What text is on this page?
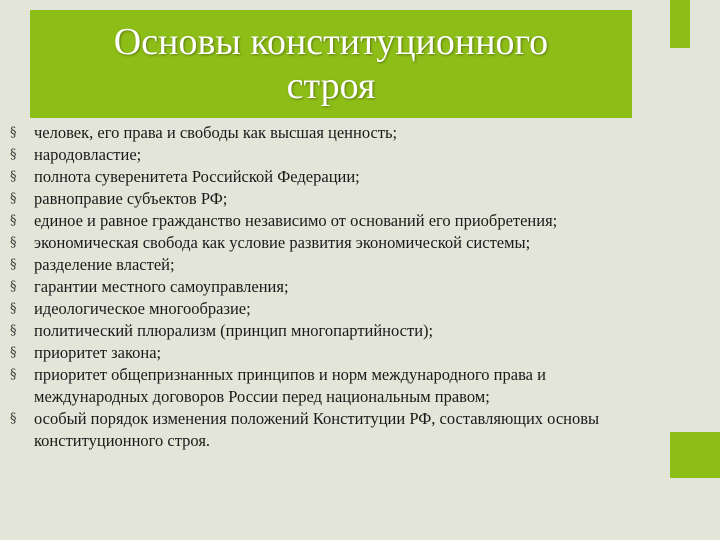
Основы конституционного
строя
§	человек, его права и свободы как высшая ценность;
§	народовластие;
§	полнота суверенитета Российской Федерации;
§	равноправие субъектов РФ;
§	единое и равное гражданство независимо от оснований его приобретения;
§	экономическая свобода как условие развития экономической системы;
§	разделение властей;
§	гарантии местного самоуправления;
§	идеологическое многообразие;
§	политический плюрализм (принцип многопартийности);
§	приоритет закона;
§	приоритет общепризнанных принципов и норм международного права и международных договоров России перед национальным правом;
§	особый порядок изменения положений Конституции РФ, составляющих основы конституционного строя.
